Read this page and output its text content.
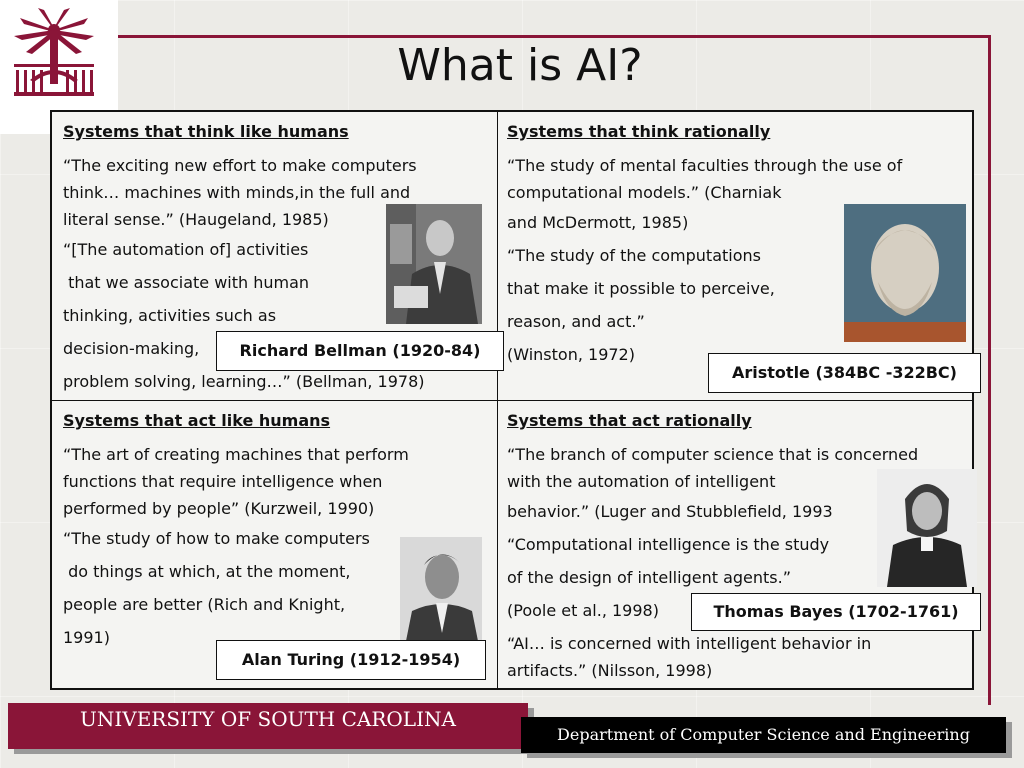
What is AI?

Systems that think like humans

“The exciting new effort to make computers

think… machines with minds,in the full and

literal sense.” (Haugeland, 1985)

“[The automation of] activities

that we associate with human

thinking, activities such as

decision-making,

problem solving, learning…” (Bellman, 1978)

Systems that think rationally

“The study of mental faculties through the use of

computational models.” (Charniak

and McDermott, 1985)

“The study of the computations

that make it possible to perceive,

reason, and act.”

(Winston, 1972)

Systems that act like humans

“The art of creating machines that perform

functions that require intelligence when

performed by people” (Kurzweil, 1990)

“The study of how to make computers

do things at which, at the moment,

people are better (Rich and Knight,

1991)

Systems that act rationally

“The branch of computer science that is concerned

with the automation of intelligent

behavior.” (Luger and Stubblefield, 1993

“Computational intelligence is the study

of the design of intelligent agents.”

(Poole et al., 1998)

“AI… is concerned with intelligent behavior in

artifacts.” (Nilsson, 1998)

Richard Bellman (1920-84)
Aristotle (384BC -322BC)
Alan Turing (1912-1954)
Thomas Bayes (1702-1761)
UNIVERSITY OF SOUTH CAROLINA
Department of Computer Science and Engineering
